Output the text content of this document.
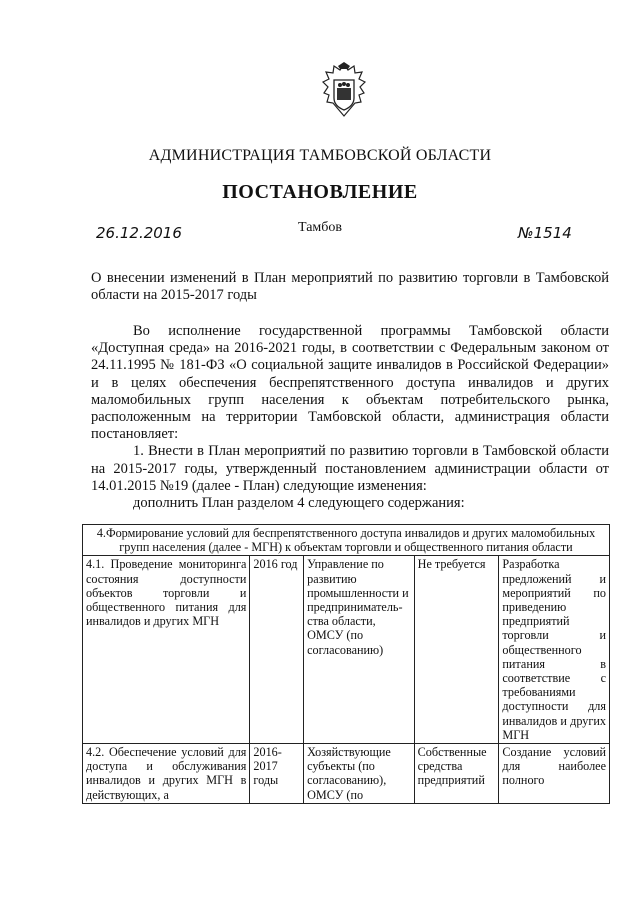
АДМИНИСТРАЦИЯ ТАМБОВСКОЙ ОБЛАСТИ
ПОСТАНОВЛЕНИЕ
26.12.2016	Тамбов	№1514
О внесении изменений в План мероприятий по развитию торговли в Тамбовской области на 2015-2017 годы

Во исполнение государственной программы Тамбовской области «Доступная среда» на 2016-2021 годы, в соответствии с Федеральным законом от 24.11.1995 № 181-ФЗ «О социальной защите инвалидов в Российской Федерации» и в целях обеспечения беспрепятственного доступа инвалидов и других маломобильных групп населения к объектам потребительского рынка, расположенным на территории Тамбовской области, администрация области постановляет:

1. Внести в План мероприятий по развитию торговли в Тамбовской области на 2015-2017 годы, утвержденный постановлением администрации области от 14.01.2015 №19 (далее - План) следующие изменения:

дополнить План разделом 4 следующего содержания:

4.Формирование условий для беспрепятственного доступа инвалидов и других маломобильных групп населения (далее - МГН) к объектам торговли и общественного питания области				
4.1. Проведение мониторинга состояния доступности объектов торговли и общественного питания для инвалидов и других МГН	2016 год	Управление по развитию промышленности и предприниматель-ства области, ОМСУ (по согласованию)	Не требуется	Разработка предложений и мероприятий по приведению предприятий торговли и общественного питания в соответствие с требованиями доступности для инвалидов и других МГН
4.2. Обеспечение условий для доступа и обслуживания инвалидов и других МГН в действующих, а	2016-2017 годы	Хозяйствующие субъекты (по согласованию), ОМСУ (по	Собственные средства предприятий	Создание условий для наиболее полного
